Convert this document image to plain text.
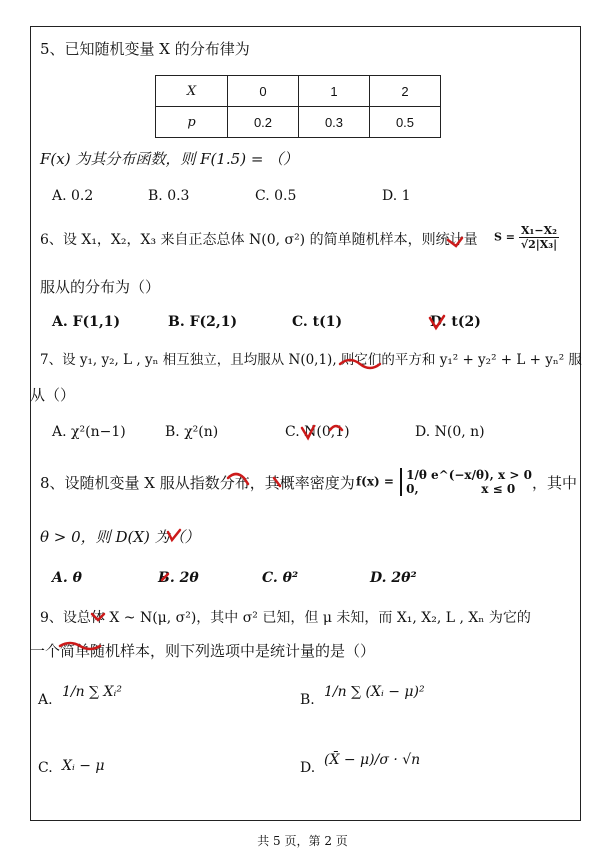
5、已知随机变量 X 的分布律为
X	0	1	2
p	0.2	0.3	0.5
F(x) 为其分布函数，则 F(1.5) = （）
A. 0.2	B. 0.3	C. 0.5	D. 1
6、设 X₁，X₂，X₃ 来自正态总体 N(0, σ²) 的简单随机样本，则统计量 $S = \frac{\text{X₁−X₂}}{\text{√2|X₃|}}$
服从的分布为（）
A. F(1,1)	B. F(2,1)	C. t(1)	D. t(2)
7、设 y₁, y₂, L , yₙ 相互独立，且均服从 N(0,1), 则它们的平方和 y₁² + y₂² + L + yₙ² 服
从（）
A. χ²(n−1)	B. χ²(n)	C. N(0,1)	D. N(0, n)
8、设随机变量 X 服从指数分布，其概率密度为 f(x) = 1/θ e^(−x/θ), x > 0
0,               x ≤ 0	，其中
θ > 0，则 D(X) 为（）
A. θ	B. 2θ	C. θ²	D. 2θ²
9、设总体 X ~ N(μ, σ²)，其中 σ² 已知，但 μ 未知，而 X₁, X₂, L , Xₙ 为它的
一个简单随机样本，则下列选项中是统计量的是（）
A. 1/n ∑ Xᵢ²	B. 1/n ∑ (Xᵢ − μ)²
C. Xᵢ − μ	D. (X̄ − μ)/σ · √n
共 5 页，第 2 页
